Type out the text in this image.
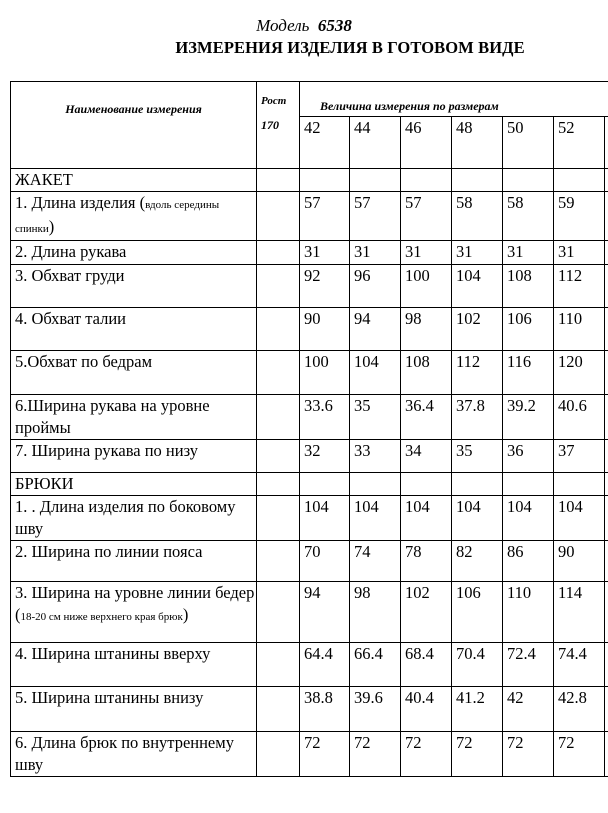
Модель 6538
ИЗМЕРЕНИЯ ИЗДЕЛИЯ В ГОТОВОМ ВИДЕ
Наименование измерения	Рост
170	Величина измерения по размерам						
		42	44	46	48	50	52	
ЖАКЕТ								
1. Длина изделия (вдоль середины спинки)		57	57	57	58	58	59	
2. Длина рукава		31	31	31	31	31	31	
3. Обхват груди		92	96	100	104	108	112	
4. Обхват талии		90	94	98	102	106	110	
5.Обхват по бедрам		100	104	108	112	116	120	
6.Ширина рукава на уровне проймы		33.6	35	36.4	37.8	39.2	40.6	
7. Ширина рукава по низу		32	33	34	35	36	37	
БРЮКИ								
1. . Длина изделия по боковому шву		104	104	104	104	104	104	
2. Ширина по линии пояса		70	74	78	82	86	90	
3. Ширина на уровне линии бедер (18-20 см ниже верхнего края брюк)		94	98	102	106	110	114	
4. Ширина штанины вверху		64.4	66.4	68.4	70.4	72.4	74.4	
5. Ширина штанины внизу		38.8	39.6	40.4	41.2	42	42.8	
6. Длина брюк по внутреннему шву		72	72	72	72	72	72	
